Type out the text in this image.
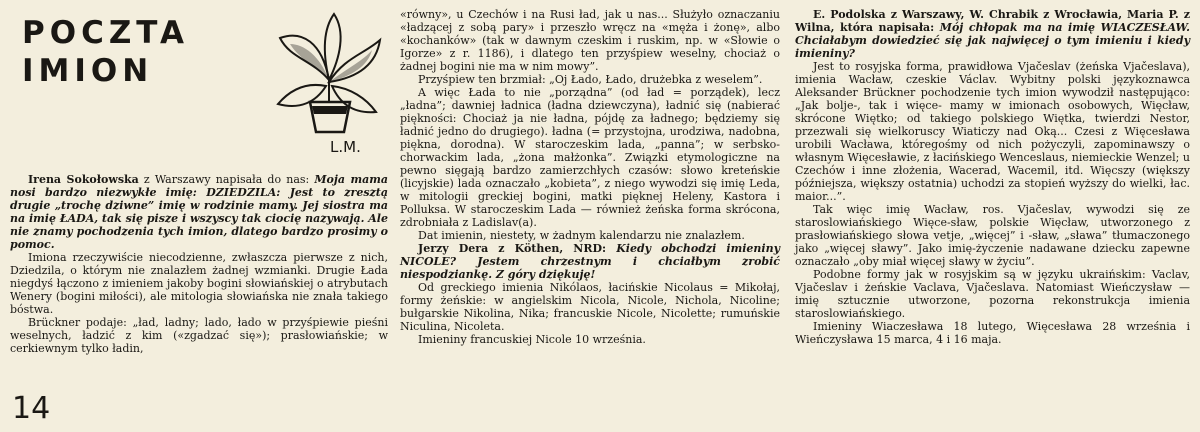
POCZTA
IMION
L.M.

Irena Sokołowska z Warszawy napisała do nas: Moja mama nosi bardzo niezwykłe imię: DZIEDZILA: Jest to zresztą drugie „trochę dziwne” imię w rodzinie mamy. Jej siostra ma na imię ŁADA, tak się pisze i wszyscy tak ciocię nazywają. Ale nie znamy pochodzenia tych imion, dlatego bardzo prosimy o pomoc.

Imiona rzeczywiście niecodzienne, zwłaszcza pierwsze z nich, Dziedzila, o którym nie znalazłem żadnej wzmianki. Drugie Łada niegdyś łączono z imieniem jakoby bogini słowiańskiej o atrybutach Wenery (bogini miłości), ale mitologia słowiańska nie znała takiego bóstwa.

Brückner podaje: „ład, ladny; lado, łado w przyśpiewie pieśni weselnych, ładzić z kim («zgadzać się»); prasłowiańskie; w cerkiewnym tylko ładin,

«równy», u Czechów i na Rusi ład, jak u nas... Służyło oznaczaniu «ładzącej z sobą pary» i przeszło wręcz na «męża i żonę», albo «kochanków» (tak w dawnym czeskim i ruskim, np. w «Słowie o Igorze» z r. 1186), i dlatego ten przyśpiew weselny, chociaż o żadnej bogini nie ma w nim mowy”.

Przyśpiew ten brzmiał: „Oj Łado, Łado, drużebka z weselem”.

A więc Łada to nie „porządna” (od ład = porządek), lecz „ładna”; dawniej ładnica (ładna dziewczyna), ładnić się (nabierać piękności: Chociaż ja nie ładna, pójdę za ładnego; będziemy się ładnić jedno do drugiego). ładna (= przystojna, urodziwa, nadobna, piękna, dorodna). W staroczeskim lada, „panna”; w serbsko-chorwackim lada, „żona małżonka”. Związki etymologiczne na pewno sięgają bardzo zamierzchłych czasów: słowo kreteńskie (licyjskie) lada oznaczało „kobieta”, z niego wywodzi się imię Leda, w mitologii greckiej bogini, matki pięknej Heleny, Kastora i Polluksa. W staroczeskim Lada — również żeńska forma skrócona, zdrobniała z Ladislav(a).

Dat imienin, niestety, w żadnym kalendarzu nie znalazłem.

Jerzy Dera z Köthen, NRD: Kiedy obchodzi imieniny NICOLE? Jestem chrzestnym i chciałbym zrobić niespodziankę. Z góry dziękuję!

Od greckiego imienia Nikólaos, łacińskie Nicolaus = Mikołaj, formy żeńskie: w angielskim Nicola, Nicole, Nichola, Nicoline; bułgarskie Nikolina, Nika; francuskie Nicole, Nicolette; rumuńskie Niculina, Nicoleta.

Imieniny francuskiej Nicole 10 września.

E. Podolska z Warszawy, W. Chrabik z Wrocławia, Maria P. z Wilna, która napisała: Mój chłopak ma na imię WIACZESŁAW. Chciałabym dowiedzieć się jak najwięcej o tym imieniu i kiedy imieniny?

Jest to rosyjska forma, prawidłowa Vjačeslav (żeńska Vjačeslava), imienia Wacław, czeskie Václav. Wybitny polski językoznawca Aleksander Brückner pochodzenie tych imion wywodził następująco: „Jak bolje-, tak i więce- mamy w imionach osobowych, Więcław, skrócone Więtko; od takiego polskiego Więtka, twierdzi Nestor, przezwali się wielkoruscy Wiaticzy nad Oką... Czesi z Więcesława urobili Wacława, któregośmy od nich pożyczyli, zapominawszy o własnym Więcesławie, z łacińskiego Wenceslaus, niemieckie Wenzel; u Czechów i inne złożenia, Wacerad, Wacemil, itd. Więcszy (większy późniejsza, większy ostatnia) uchodzi za stopień wyższy do wielki, łac. maior...”.

Tak więc imię Wacław, ros. Vjačeslav, wywodzi się ze staroslowiańskiego Więce-sław, polskie Więcław, utworzonego z prasłowiańskiego słowa vetje, „więcej” i -sław, „sława” tłumaczonego jako „więcej sławy”. Jako imię-życzenie nadawane dziecku zapewne oznaczało „oby miał więcej sławy w życiu”.

Podobne formy jak w rosyjskim są w języku ukraińskim: Vaclav, Vjačeslav i żeńskie Vaclava, Vjačeslava. Natomiast Wieńczysław — imię sztucznie utworzone, pozorna rekonstrukcja imienia staroslowiańskiego.

Imieniny Wiaczesława 18 lutego, Więcesława 28 września i Wieńczysława 15 marca, 4 i 16 maja.

14
